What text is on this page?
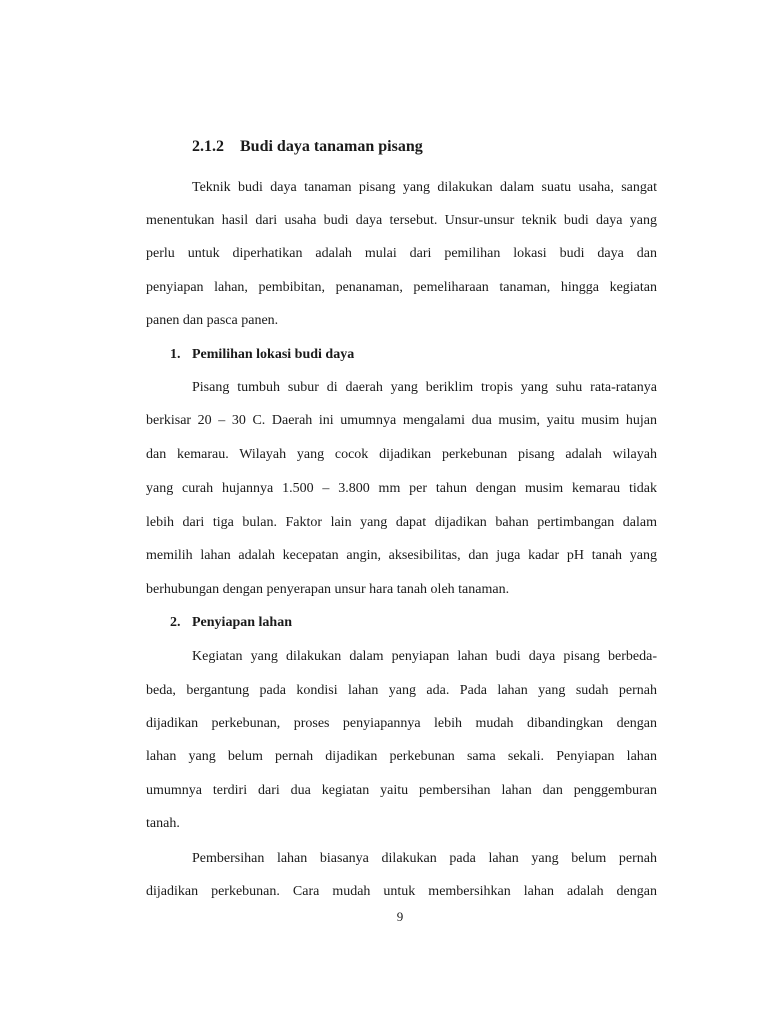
2.1.2 Budi daya tanaman pisang
Teknik budi daya tanaman pisang yang dilakukan dalam suatu usaha, sangat
menentukan hasil dari usaha budi daya tersebut. Unsur-unsur teknik budi daya yang
perlu untuk diperhatikan adalah mulai dari pemilihan lokasi budi daya dan
penyiapan lahan, pembibitan, penanaman, pemeliharaan tanaman, hingga kegiatan
panen dan pasca panen.
1. Pemilihan lokasi budi daya
Pisang tumbuh subur di daerah yang beriklim tropis yang suhu rata-ratanya
berkisar 20 – 30 C. Daerah ini umumnya mengalami dua musim, yaitu musim hujan
dan kemarau. Wilayah yang cocok dijadikan perkebunan pisang adalah wilayah
yang curah hujannya 1.500 – 3.800 mm per tahun dengan musim kemarau tidak
lebih dari tiga bulan. Faktor lain yang dapat dijadikan bahan pertimbangan dalam
memilih lahan adalah kecepatan angin, aksesibilitas, dan juga kadar pH tanah yang
berhubungan dengan penyerapan unsur hara tanah oleh tanaman.
2. Penyiapan lahan
Kegiatan yang dilakukan dalam penyiapan lahan budi daya pisang berbeda-
beda, bergantung pada kondisi lahan yang ada. Pada lahan yang sudah pernah
dijadikan perkebunan, proses penyiapannya lebih mudah dibandingkan dengan
lahan yang belum pernah dijadikan perkebunan sama sekali. Penyiapan lahan
umumnya terdiri dari dua kegiatan yaitu pembersihan lahan dan penggemburan
tanah.
Pembersihan lahan biasanya dilakukan pada lahan yang belum pernah
dijadikan perkebunan. Cara mudah untuk membersihkan lahan adalah dengan
9
